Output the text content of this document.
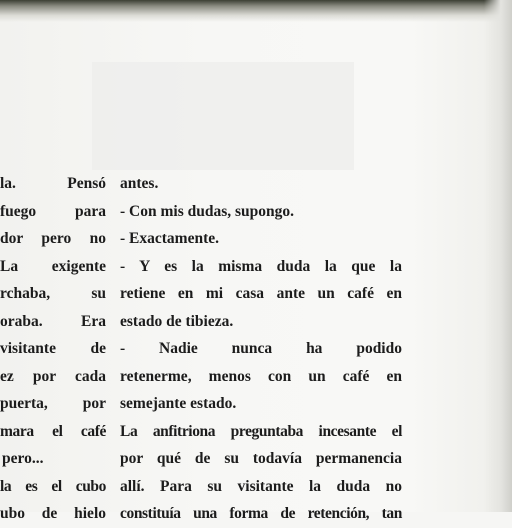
la. Pensó
fuego para
dor pero no
La exigente
rchaba, su
oraba. Era
visitante de
ez por cada
puerta, por
mara el café
pero...
la es el cubo
ubo de hielo
antes.
- Con mis dudas, supongo.
- Exactamente.
- Y es la misma duda la que la
retiene en mi casa ante un café en
estado de tibieza.
- Nadie nunca ha podido
retenerme, menos con un café en
semejante estado.
La anfitriona preguntaba incesante el
por qué de su todavía permanencia
allí. Para su visitante la duda no
constituía una forma de retención, tan
